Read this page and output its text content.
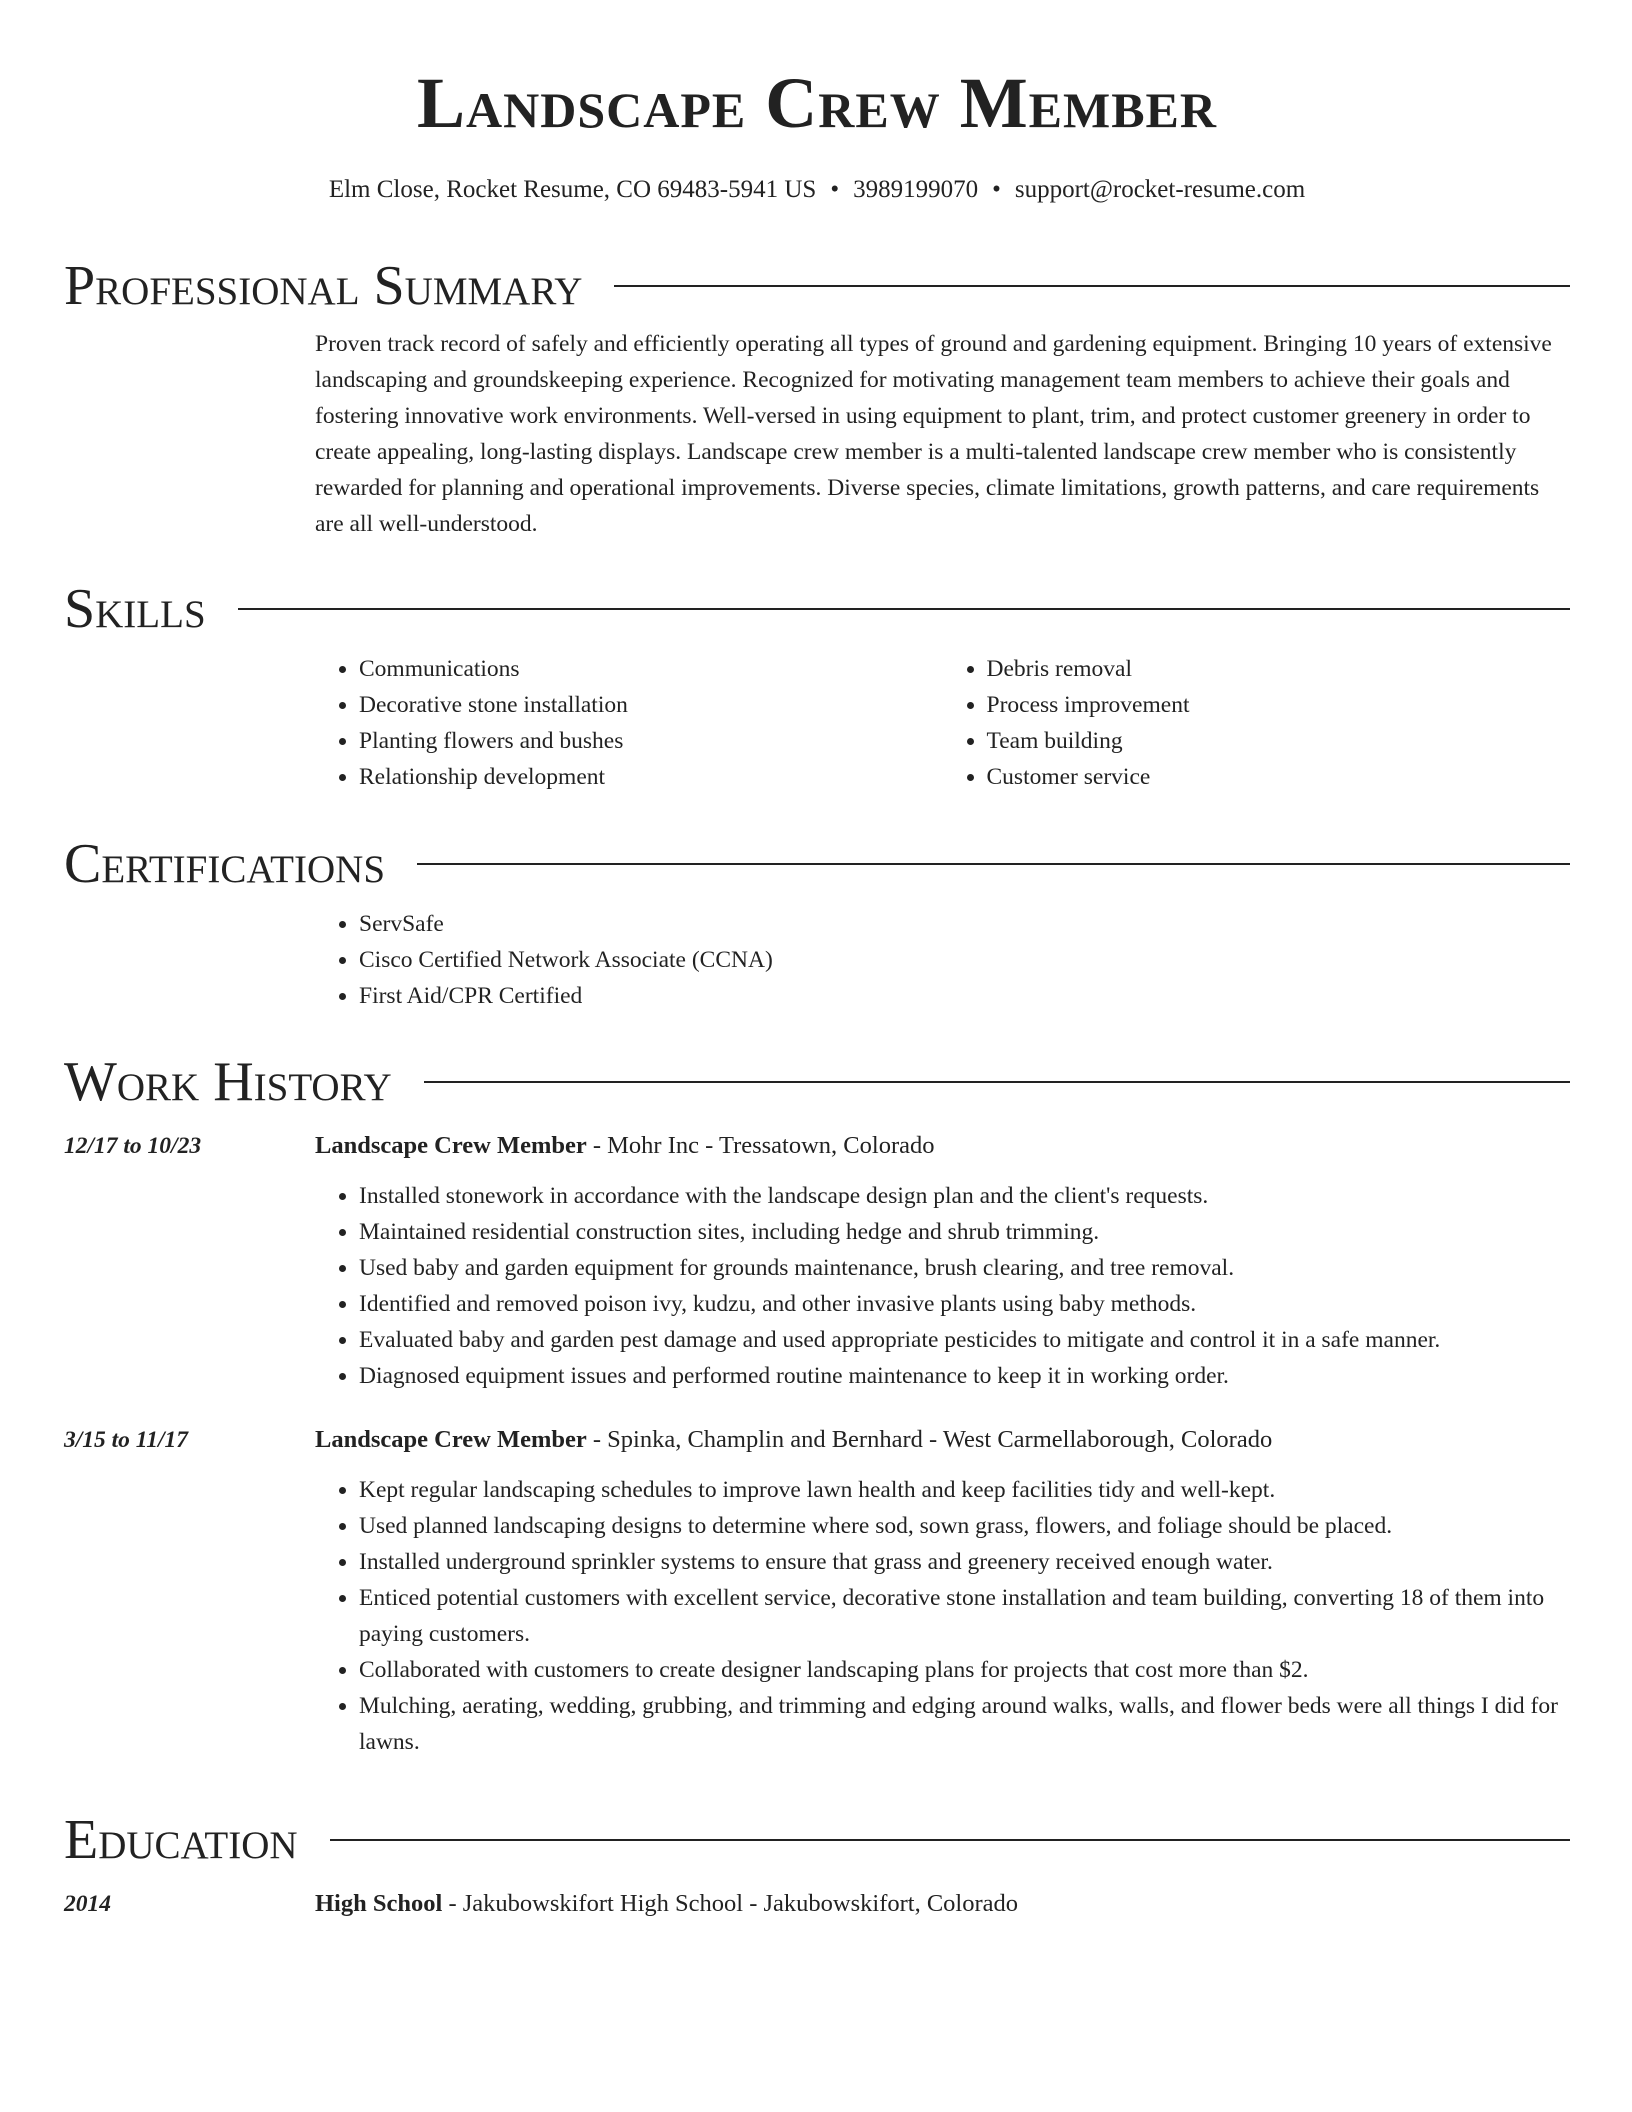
Landscape Crew Member
Elm Close, Rocket Resume, CO 69483-5941 US • 3989199070 • support@rocket-resume.com
Professional Summary

Proven track record of safely and efficiently operating all types of ground and gardening equipment. Bringing 10 years of extensive landscaping and groundskeeping experience. Recognized for motivating management team members to achieve their goals and fostering innovative work environments. Well-versed in using equipment to plant, trim, and protect customer greenery in order to create appealing, long-lasting displays. Landscape crew member is a multi-talented landscape crew member who is consistently rewarded for planning and operational improvements. Diverse species, climate limitations, growth patterns, and care requirements are all well-understood.

Skills
• Communications
• Decorative stone installation
• Planting flowers and bushes
• Relationship development
• Debris removal
• Process improvement
• Team building
• Customer service
Certifications
• ServSafe
• Cisco Certified Network Associate (CCNA)
• First Aid/CPR Certified
Work History
12/17 to 10/23	Landscape Crew Member - Mohr Inc - Tressatown, Colorado
• Installed stonework in accordance with the landscape design plan and the client's requests.
• Maintained residential construction sites, including hedge and shrub trimming.
• Used baby and garden equipment for grounds maintenance, brush clearing, and tree removal.
• Identified and removed poison ivy, kudzu, and other invasive plants using baby methods.
• Evaluated baby and garden pest damage and used appropriate pesticides to mitigate and control it in a safe manner.
• Diagnosed equipment issues and performed routine maintenance to keep it in working order.
3/15 to 11/17	Landscape Crew Member - Spinka, Champlin and Bernhard - West Carmellaborough, Colorado
• Kept regular landscaping schedules to improve lawn health and keep facilities tidy and well-kept.
• Used planned landscaping designs to determine where sod, sown grass, flowers, and foliage should be placed.
• Installed underground sprinkler systems to ensure that grass and greenery received enough water.
• Enticed potential customers with excellent service, decorative stone installation and team building, converting 18 of them into paying customers.
• Collaborated with customers to create designer landscaping plans for projects that cost more than $2.
• Mulching, aerating, wedding, grubbing, and trimming and edging around walks, walls, and flower beds were all things I did for lawns.
Education
2014	High School - Jakubowskifort High School - Jakubowskifort, Colorado
